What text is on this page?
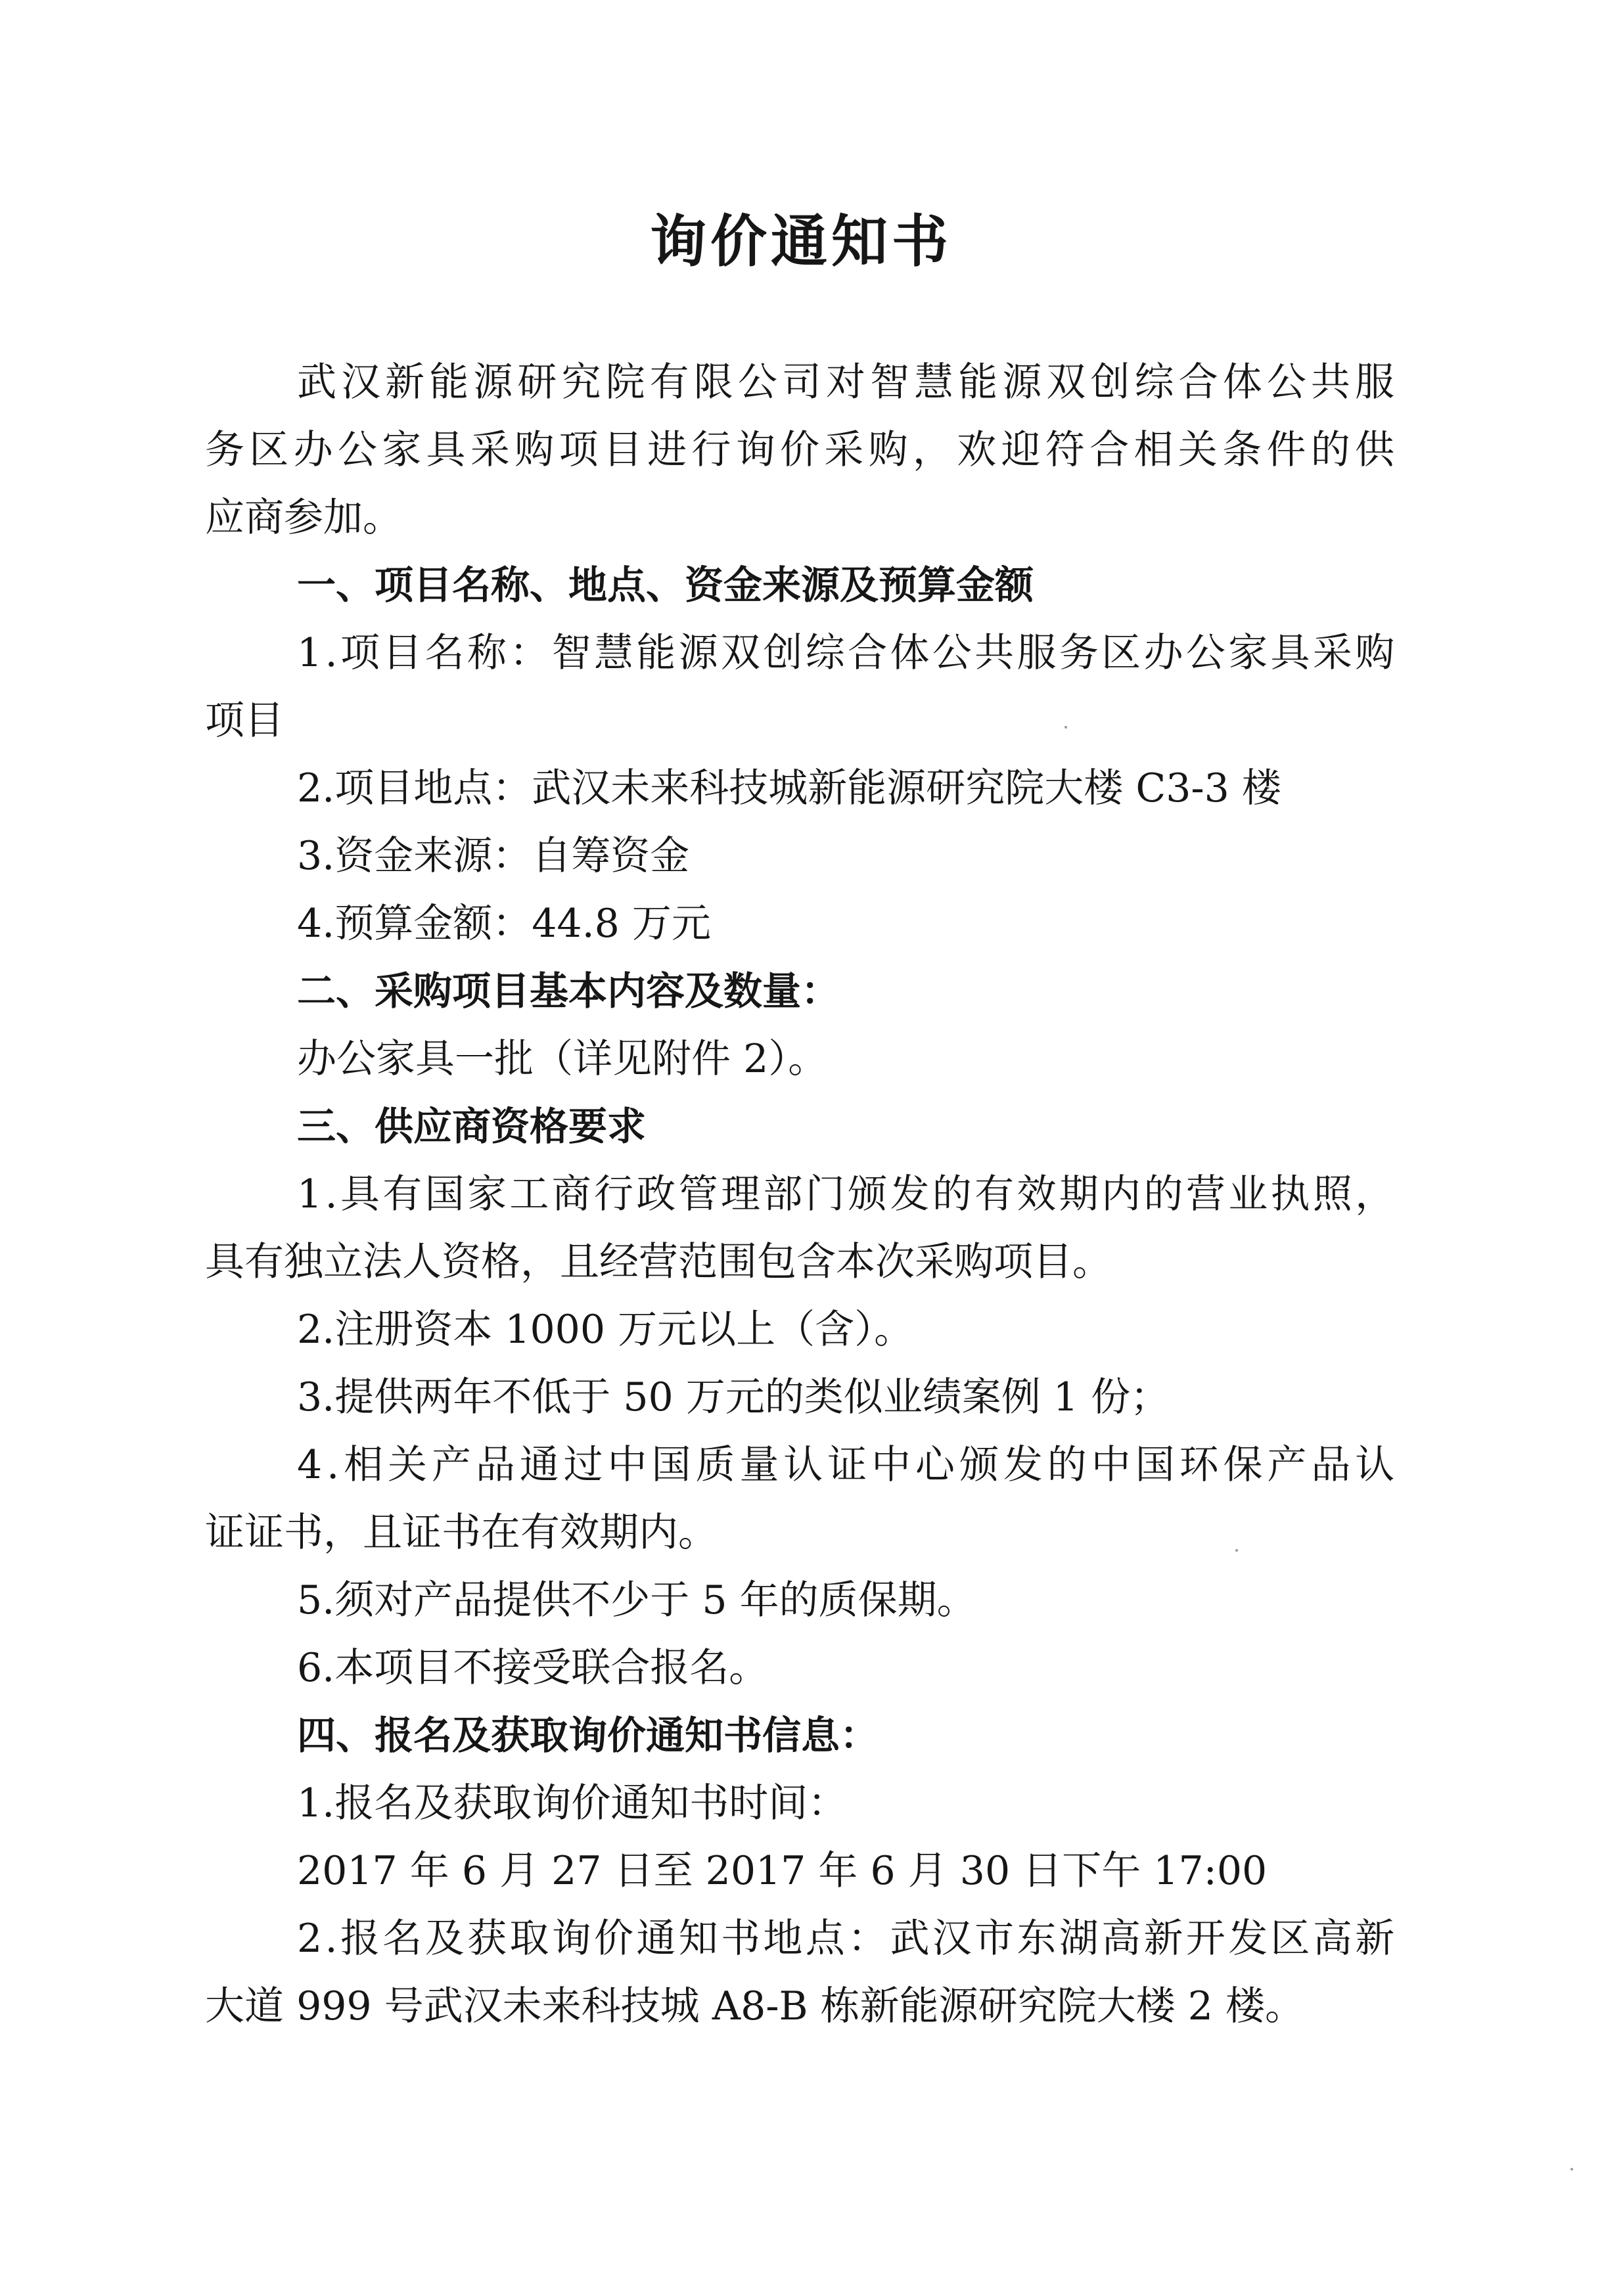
询价通知书
武汉新能源研究院有限公司对智慧能源双创综合体公共服
务区办公家具采购项目进行询价采购，欢迎符合相关条件的供
应商参加。
一、项目名称、地点、资金来源及预算金额
1.项目名称：智慧能源双创综合体公共服务区办公家具采购
项目
2.项目地点：武汉未来科技城新能源研究院大楼 C3-3 楼
3.资金来源：自筹资金
4.预算金额：44.8 万元
二、采购项目基本内容及数量：
办公家具一批（详见附件 2）。
三、供应商资格要求
1.具有国家工商行政管理部门颁发的有效期内的营业执照，
具有独立法人资格，且经营范围包含本次采购项目。
2.注册资本 1000 万元以上（含）。
3.提供两年不低于 50 万元的类似业绩案例 1 份；
4.相关产品通过中国质量认证中心颁发的中国环保产品认
证证书，且证书在有效期内。
5.须对产品提供不少于 5 年的质保期。
6.本项目不接受联合报名。
四、报名及获取询价通知书信息：
1.报名及获取询价通知书时间：
2017 年 6 月 27 日至 2017 年 6 月 30 日下午 17:00
2.报名及获取询价通知书地点：武汉市东湖高新开发区高新
大道 999 号武汉未来科技城 A8-B 栋新能源研究院大楼 2 楼。
